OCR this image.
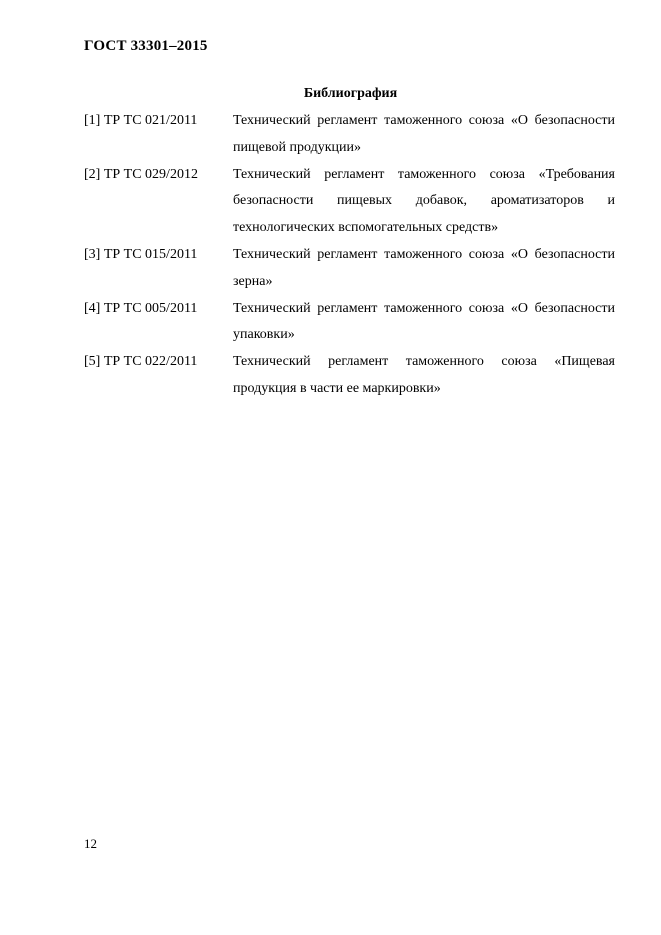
ГОСТ 33301–2015
Библиография
[1] ТР ТС 021/2011	Технический регламент таможенного союза «О безопасности пищевой продукции»
[2] ТР ТС 029/2012	Технический регламент таможенного союза «Требования безопасности пищевых добавок, ароматизаторов и технологических вспомогательных средств»
[3] ТР ТС 015/2011	Технический регламент таможенного союза «О безопасности зерна»
[4] ТР ТС 005/2011	Технический регламент таможенного союза «О безопасности упаковки»
[5] ТР ТС 022/2011	Технический регламент таможенного союза «Пищевая продукция в части ее маркировки»
12
